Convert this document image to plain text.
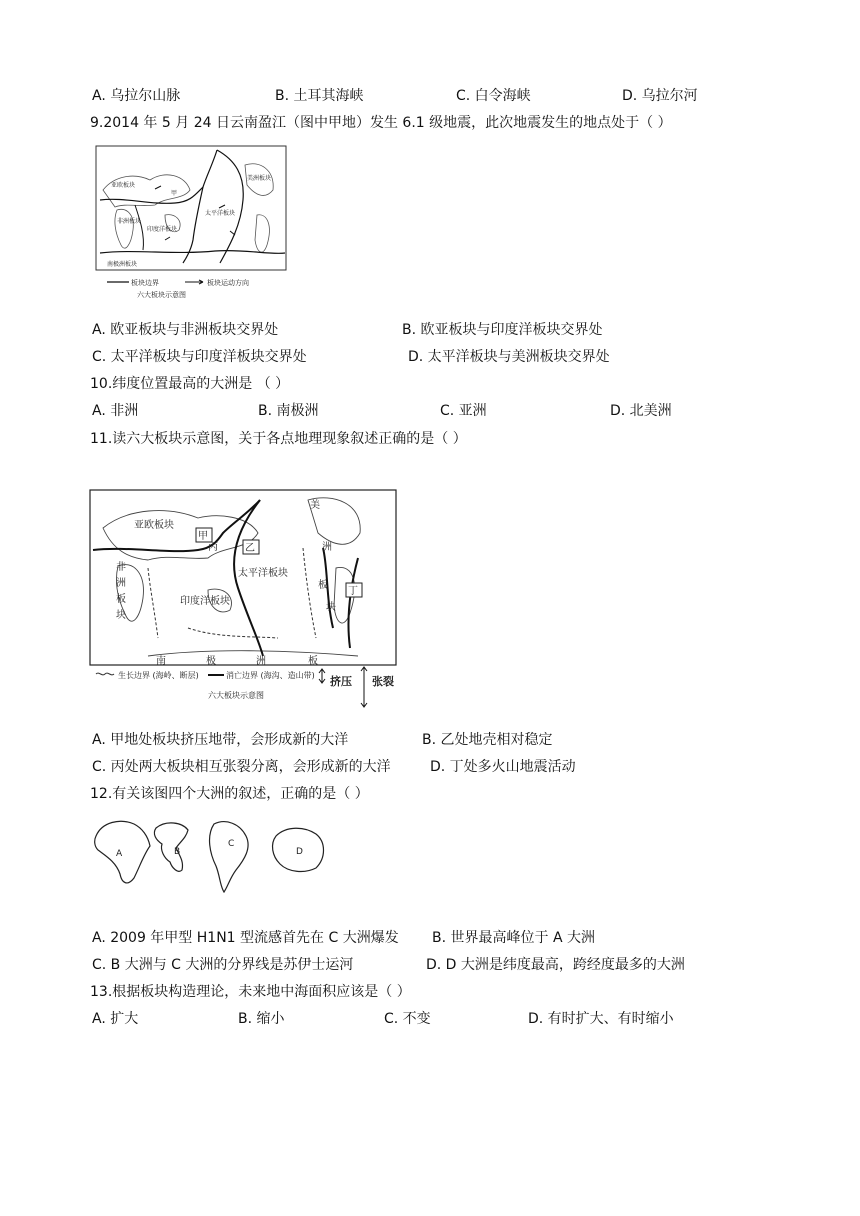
A. 乌拉尔山脉	B. 土耳其海峡	C. 白令海峡	D. 乌拉尔河
9.2014 年 5 月 24 日云南盈江（图中甲地）发生 6.1 级地震，此次地震发生的地点处于（ ）
亚欧板块
非洲板块
印度洋板块
太平洋板块
美洲板块
南极洲板块
甲
板块边界	板块运动方向
六大板块示意图
A. 欧亚板块与非洲板块交界处	B. 欧亚板块与印度洋板块交界处
C. 太平洋板块与印度洋板块交界处	D. 太平洋板块与美洲板块交界处
10.纬度位置最高的大洲是 （ ）
A. 非洲	B. 南极洲	C. 亚洲	D. 北美洲
11.读六大板块示意图，关于各点地理现象叙述正确的是（ ）
亚欧板块
太平洋板块
印度洋板块
美
洲
板
块
非
洲
板
块
南	极	洲	板
甲
乙
丙
丁
生长边界 (海岭、断层)	消亡边界 (海沟、造山带) 挤压 张裂
六大板块示意图
A. 甲地处板块挤压地带，会形成新的大洋	B. 乙处地壳相对稳定
C. 丙处两大板块相互张裂分离，会形成新的大洋	D. 丁处多火山地震活动
12.有关该图四个大洲的叙述，正确的是（ ）
A	B
C
D
A. 2009 年甲型 H1N1 型流感首先在 C 大洲爆发 B. 世界最高峰位于 A 大洲
C. B 大洲与 C 大洲的分界线是苏伊士运河	D. D 大洲是纬度最高，跨经度最多的大洲
13.根据板块构造理论，未来地中海面积应该是（ ）
A. 扩大	B. 缩小	C. 不变	D. 有时扩大、有时缩小
